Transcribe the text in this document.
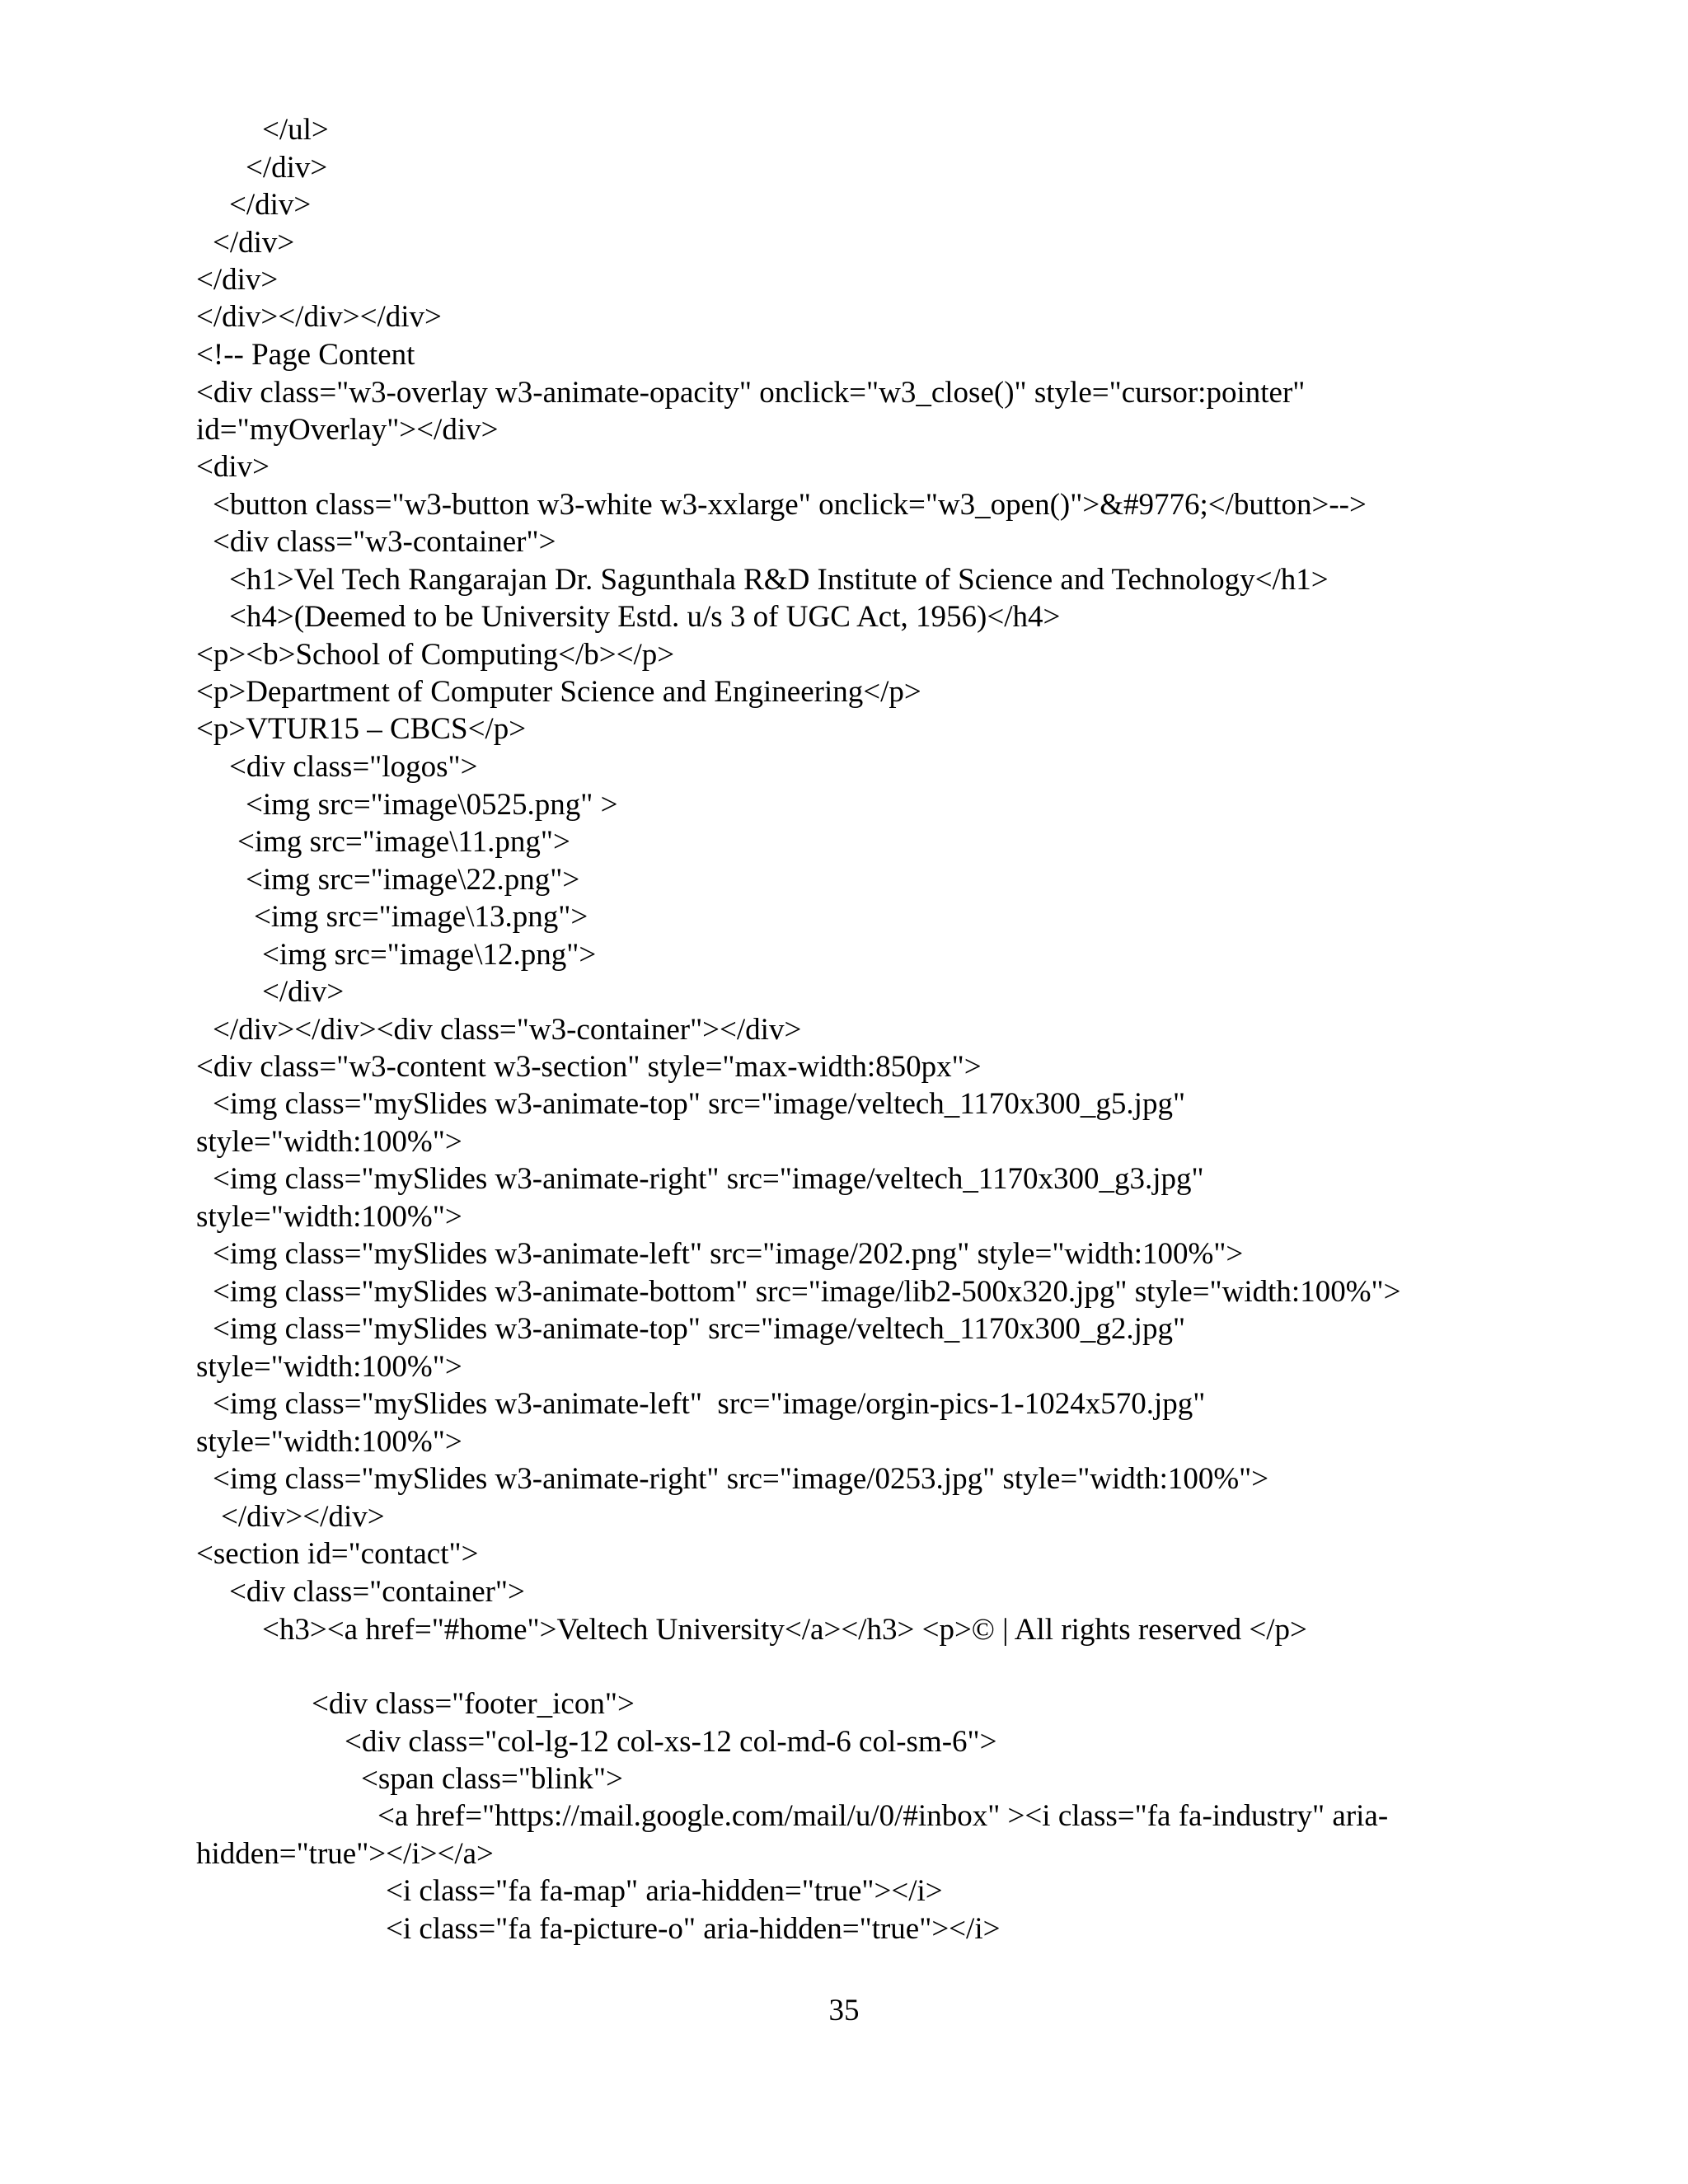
</ul>
</div>
</div>
</div>
</div>
</div></div></div>
<!-- Page Content
<div class="w3-overlay w3-animate-opacity" onclick="w3_close()" style="cursor:pointer"
id="myOverlay"></div>
<div>
<button class="w3-button w3-white w3-xxlarge" onclick="w3_open()">&#9776;</button>-->
<div class="w3-container">
<h1>Vel Tech Rangarajan Dr. Sagunthala R&D Institute of Science and Technology</h1>
<h4>(Deemed to be University Estd. u/s 3 of UGC Act, 1956)</h4>
<p><b>School of Computing</b></p>
<p>Department of Computer Science and Engineering</p>
<p>VTUR15 – CBCS</p>
<div class="logos">
<img src="image\0525.png" >
<img src="image\11.png">
<img src="image\22.png">
<img src="image\13.png">
<img src="image\12.png">
</div>
</div></div><div class="w3-container"></div>
<div class="w3-content w3-section" style="max-width:850px">
<img class="mySlides w3-animate-top" src="image/veltech_1170x300_g5.jpg"
style="width:100%">
<img class="mySlides w3-animate-right" src="image/veltech_1170x300_g3.jpg"
style="width:100%">
<img class="mySlides w3-animate-left" src="image/202.png" style="width:100%">
<img class="mySlides w3-animate-bottom" src="image/lib2-500x320.jpg" style="width:100%">
<img class="mySlides w3-animate-top" src="image/veltech_1170x300_g2.jpg"
style="width:100%">
<img class="mySlides w3-animate-left"  src="image/orgin-pics-1-1024x570.jpg"
style="width:100%">
<img class="mySlides w3-animate-right" src="image/0253.jpg" style="width:100%">
</div></div>
<section id="contact">
<div class="container">
<h3><a href="#home">Veltech University</a></h3> <p>© | All rights reserved </p>
<div class="footer_icon">
<div class="col-lg-12 col-xs-12 col-md-6 col-sm-6">
<span class="blink">
<a href="https://mail.google.com/mail/u/0/#inbox" ><i class="fa fa-industry" aria-
hidden="true"></i></a>
<i class="fa fa-map" aria-hidden="true"></i>
<i class="fa fa-picture-o" aria-hidden="true"></i>
35
